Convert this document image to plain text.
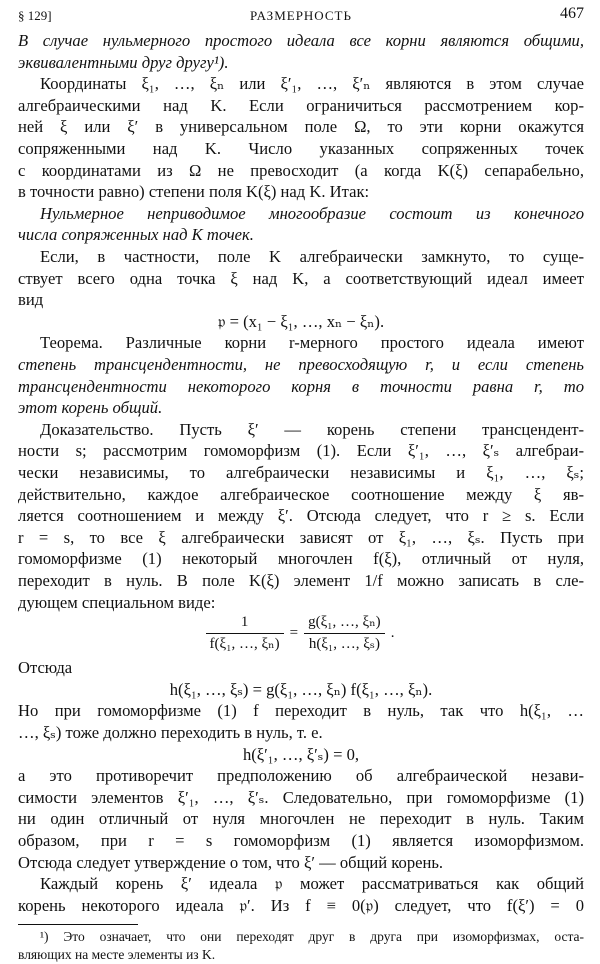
§ 129]	РАЗМЕРНОСТЬ	467
В случае нульмерного простого идеала все корни являются общими,
эквивалентными друг другу¹).
Координаты ξ₁, …, ξₙ или ξ′₁, …, ξ′ₙ являются в этом случае
алгебраическими над K. Если ограничиться рассмотрением кор-
ней ξ или ξ′ в универсальном поле Ω, то эти корни окажутся
сопряженными над K. Число указанных сопряженных точек
с координатами из Ω не превосходит (а когда K(ξ) сепарабельно,
в точности равно) степени поля K(ξ) над K. Итак:
Нульмерное неприводимое многообразие состоит из конечного
числа сопряженных над K точек.
Если, в частности, поле K алгебраически замкнуто, то суще-
ствует всего одна точка ξ над K, а соответствующий идеал имеет
вид
𝔭 = (x₁ − ξ₁, …, xₙ − ξₙ).
Теорема. Различные корни r-мерного простого идеала имеют
степень трансцендентности, не превосходящую r, и если степень
трансцендентности некоторого корня в точности равна r, то
этот корень общий.
Доказательство. Пусть ξ′ — корень степени трансцендент-
ности s; рассмотрим гомоморфизм (1). Если ξ′₁, …, ξ′ₛ алгебраи-
чески независимы, то алгебраически независимы и ξ₁, …, ξₛ;
действительно, каждое алгебраическое соотношение между ξ яв-
ляется соотношением и между ξ′. Отсюда следует, что r ≥ s. Если
r = s, то все ξ алгебраически зависят от ξ₁, …, ξₛ. Пусть при
гомоморфизме (1) некоторый многочлен f(ξ), отличный от нуля,
переходит в нуль. В поле K(ξ) элемент 1/f можно записать в сле-
дующем специальном виде:
1
f(ξ₁, …, ξₙ)
	=	
g(ξ₁, …, ξₙ)
h(ξ₁, …, ξₛ)
	.
Отсюда
h(ξ₁, …, ξₛ) = g(ξ₁, …, ξₙ) f(ξ₁, …, ξₙ).
Но при гомоморфизме (1) f переходит в нуль, так что h(ξ₁, …
…, ξₛ) тоже должно переходить в нуль, т. е.
h(ξ′₁, …, ξ′ₛ) = 0,
а это противоречит предположению об алгебраической незави-
симости элементов ξ′₁, …, ξ′ₛ. Следовательно, при гомоморфизме (1)
ни один отличный от нуля многочлен не переходит в нуль. Таким
образом, при r = s гомоморфизм (1) является изоморфизмом.
Отсюда следует утверждение о том, что ξ′ — общий корень.
Каждый корень ξ′ идеала 𝔭 может рассматриваться как общий
корень некоторого идеала 𝔭′. Из f ≡ 0(𝔭) следует, что f(ξ′) = 0
¹) Это означает, что они переходят друг в друга при изоморфизмах, оста-
вляющих на месте элементы из K.
